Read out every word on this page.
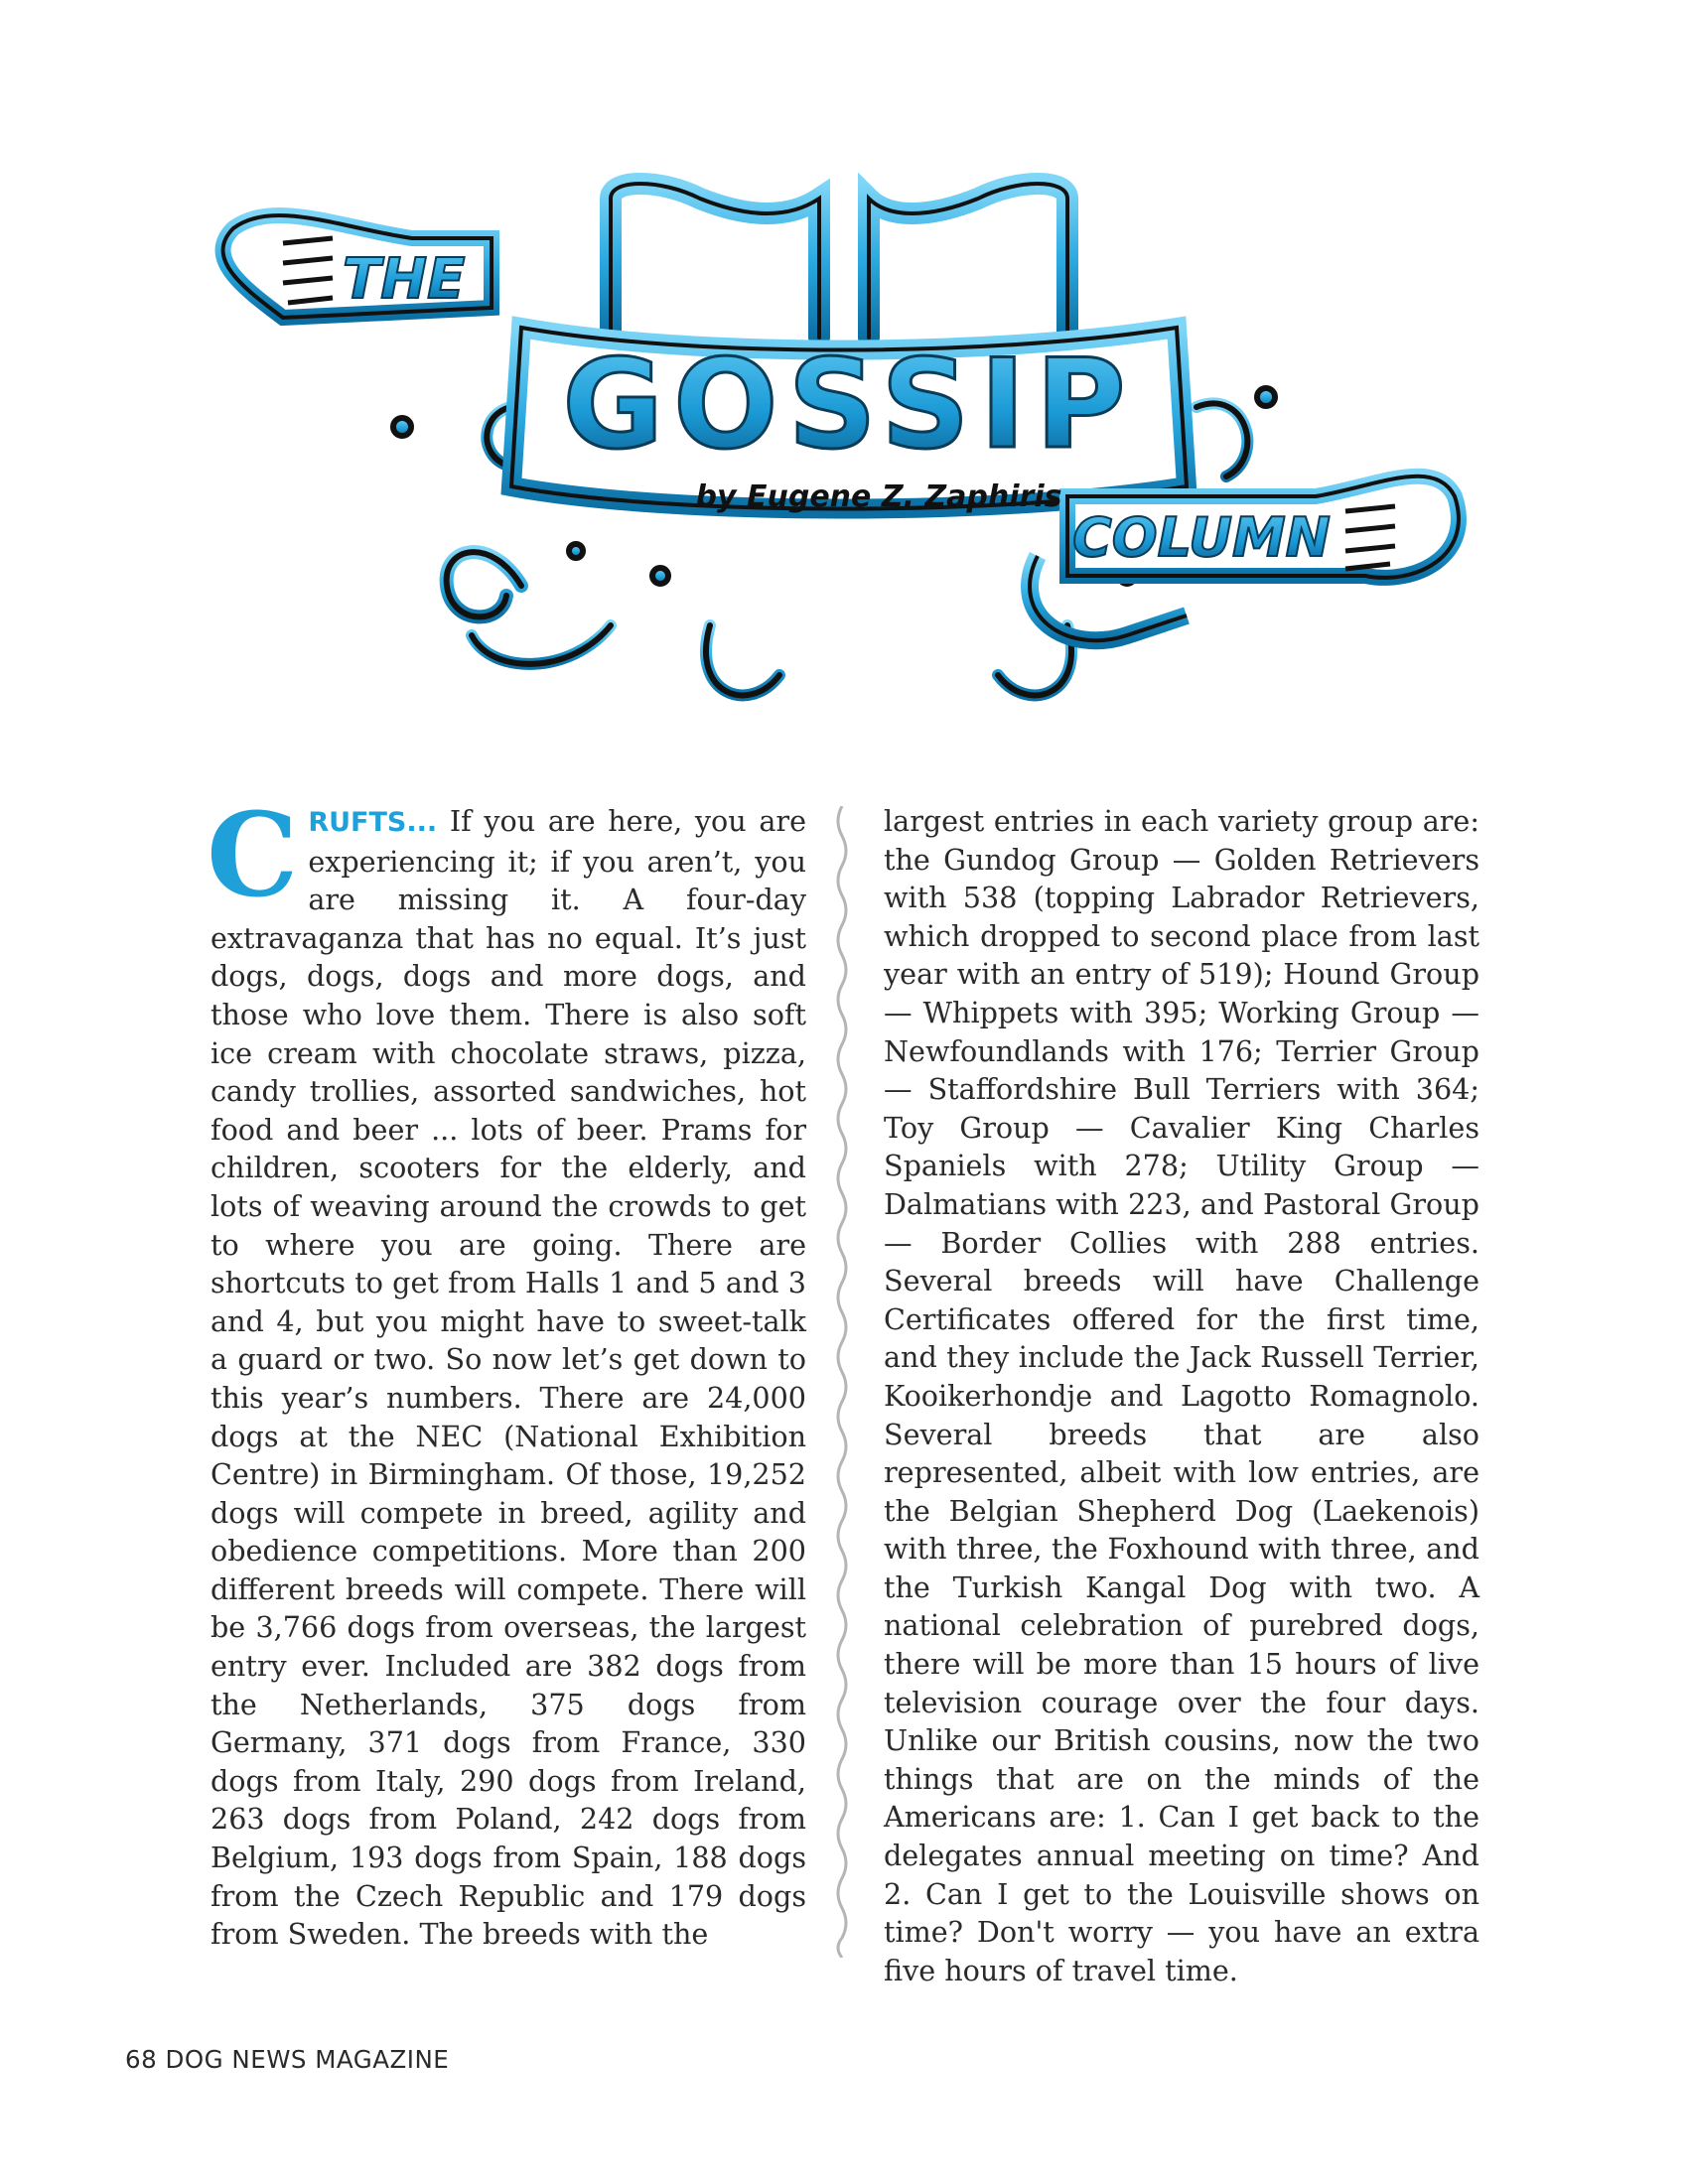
THE
GOSSIP
by Eugene Z. Zaphiris
COLUMN

CRUFTS... If you are here, you are experiencing it; if you aren’t, you are missing it. A four-day extravaganza that has no equal. It’s just dogs, dogs, dogs and more dogs, and those who love them. There is also soft ice cream with chocolate straws, pizza, candy trollies, assorted sandwiches, hot food and beer ... lots of beer. Prams for children, scooters for the elderly, and lots of weaving around the crowds to get to where you are going. There are shortcuts to get from Halls 1 and 5 and 3 and 4, but you might have to sweet-talk a guard or two. So now let’s get down to this year’s numbers. There are 24,000 dogs at the NEC (National Exhibition Centre) in Birmingham. Of those, 19,252 dogs will compete in breed, agility and obedience competitions. More than 200 different breeds will compete. There will be 3,766 dogs from overseas, the largest entry ever. Included are 382 dogs from the Netherlands, 375 dogs from Germany, 371 dogs from France, 330 dogs from Italy, 290 dogs from Ireland, 263 dogs from Poland, 242 dogs from Belgium, 193 dogs from Spain, 188 dogs from the Czech Republic and 179 dogs from Sweden. The breeds with the

largest entries in each variety group are: the Gundog Group — Golden Retrievers with 538 (topping Labrador Retrievers, which dropped to second place from last year with an entry of 519); Hound Group — Whippets with 395; Working Group — Newfoundlands with 176; Terrier Group — Staffordshire Bull Terriers with 364; Toy Group — Cavalier King Charles Spaniels with 278; Utility Group — Dalmatians with 223, and Pastoral Group — Border Collies with 288 entries. Several breeds will have Challenge Certificates offered for the first time, and they include the Jack Russell Terrier, Kooikerhondje and Lagotto Romagnolo. Several breeds that are also represented, albeit with low entries, are the Belgian Shepherd Dog (Laekenois) with three, the Foxhound with three, and the Turkish Kangal Dog with two. A national celebration of purebred dogs, there will be more than 15 hours of live television courage over the four days. Unlike our British cousins, now the two things that are on the minds of the Americans are: 1. Can I get back to the delegates annual meeting on time? And 2. Can I get to the Louisville shows on time? Don't worry — you have an extra five hours of travel time.

68 DOG NEWS MAGAZINE
